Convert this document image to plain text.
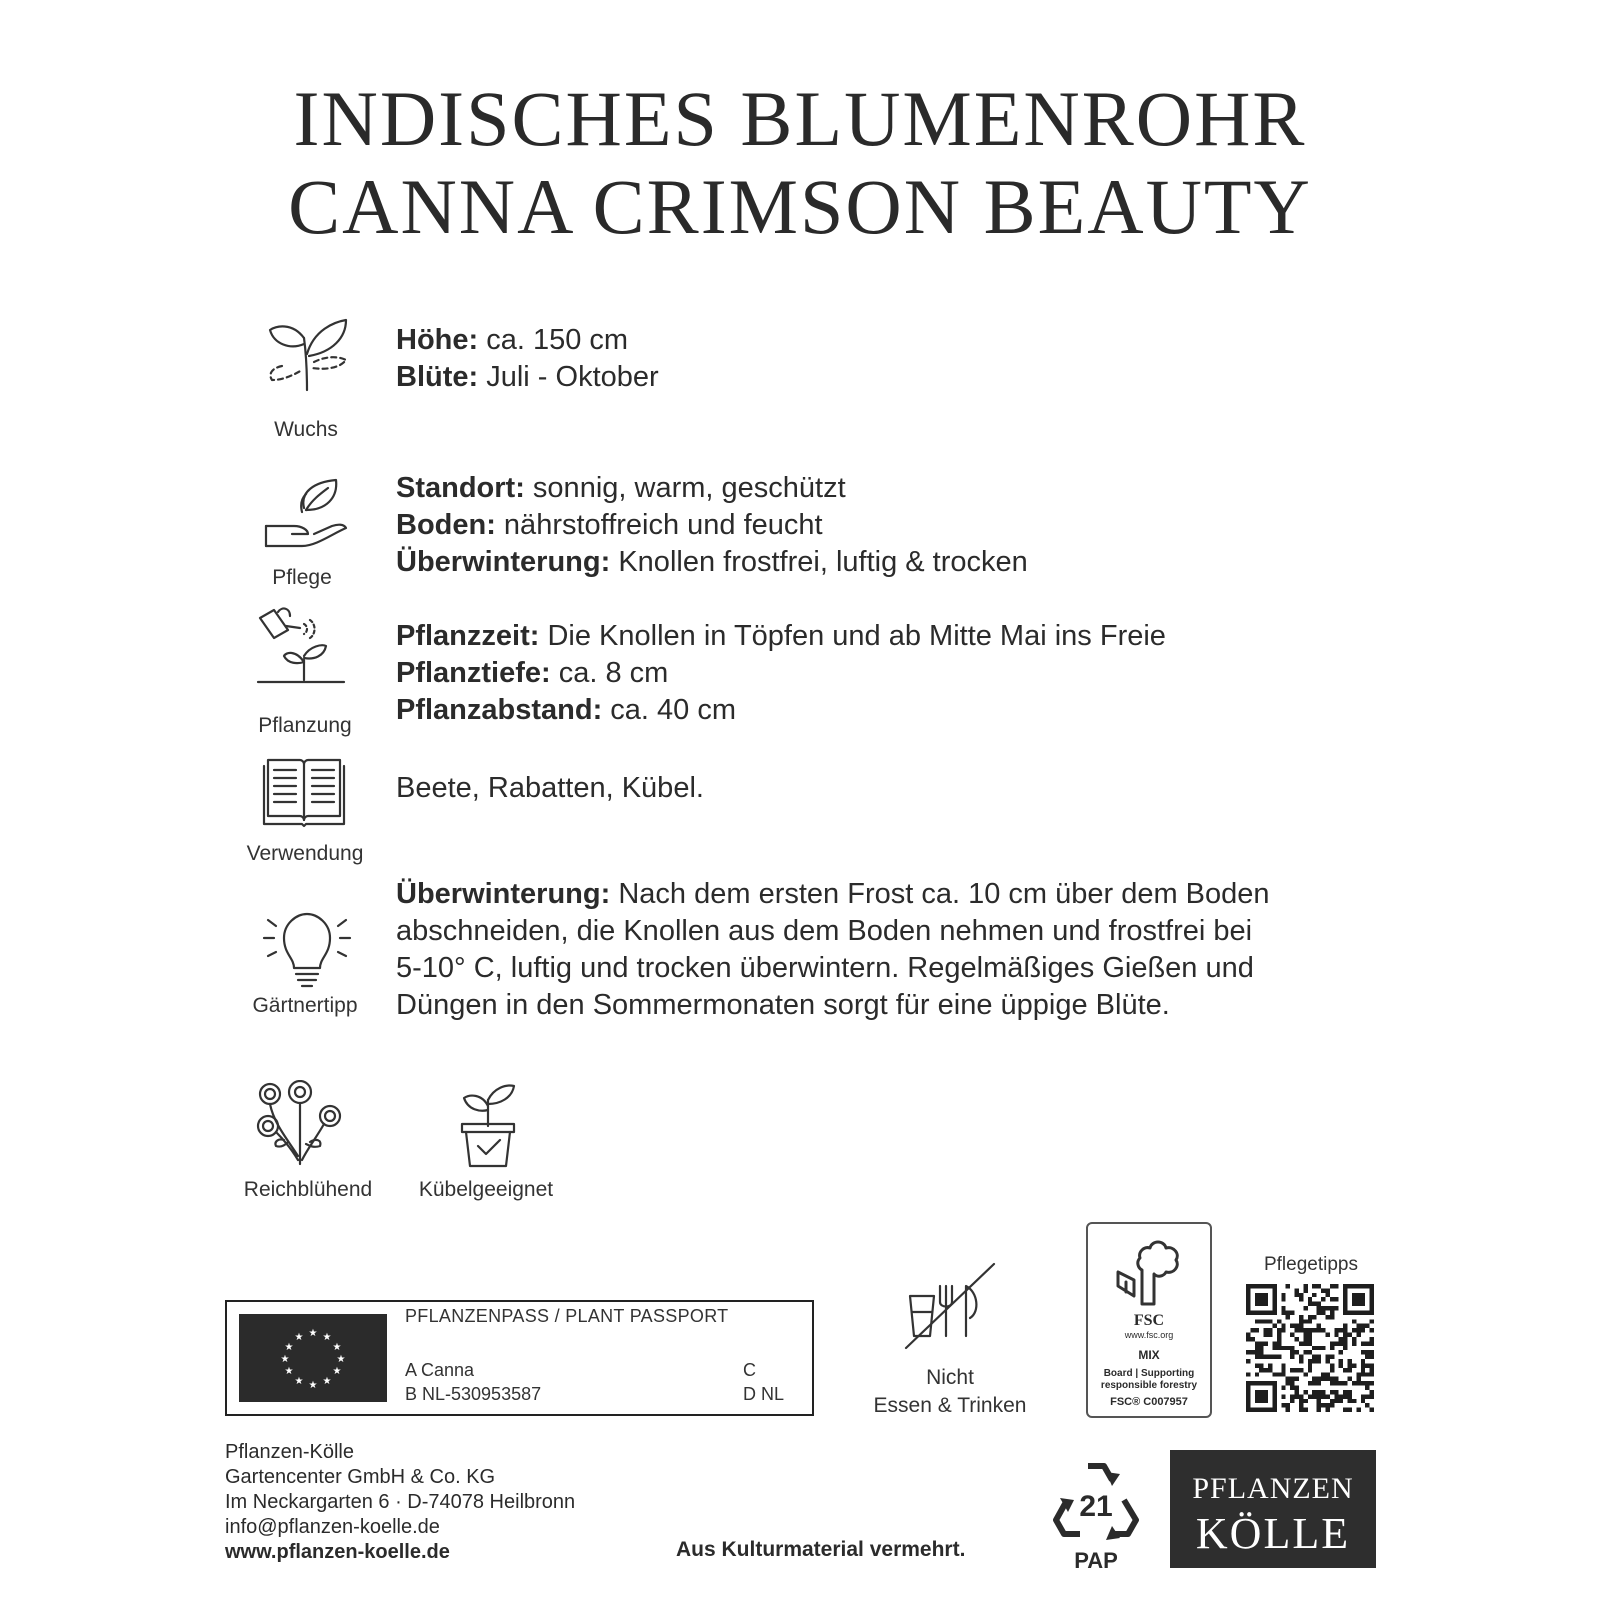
INDISCHES BLUMENROHR
CANNA CRIMSON BEAUTY
Wuchs
Höhe: ca. 150 cm
Blüte: Juli - Oktober
Pflege
Standort: sonnig, warm, geschützt
Boden: nährstoffreich und feucht
Überwinterung: Knollen frostfrei, luftig & trocken
Pflanzung
Pflanzzeit: Die Knollen in Töpfen und ab Mitte Mai ins Freie
Pflanztiefe: ca. 8 cm
Pflanzabstand: ca. 40 cm
Verwendung
Beete, Rabatten, Kübel.
Gärtnertipp
Überwinterung: Nach dem ersten Frost ca. 10 cm über dem Boden
abschneiden, die Knollen aus dem Boden nehmen und frostfrei bei
5-10° C, luftig und trocken überwintern. Regelmäßiges Gießen und
Düngen in den Sommermonaten sorgt für eine üppige Blüte.
Reichblühend	Kübelgeeignet
★ ★
★
★
★
★
★
★
★
★
★
★
PFLANZENPASS / PLANT PASSPORT
A Canna
B NL-530953587
C
D NL
Nicht
Essen & Trinken
FSC
www.fsc.org
MIX
Board | Supporting
responsible forestry
FSC® C007957
Pflegetipps
Pflanzen-Kölle
Gartencenter GmbH & Co. KG
Im Neckargarten 6 · D-74078 Heilbronn
info@pflanzen-koelle.de
www.pflanzen-koelle.de	Aus Kulturmaterial vermehrt.
21
PAP
PFLANZEN
KÖLLE
